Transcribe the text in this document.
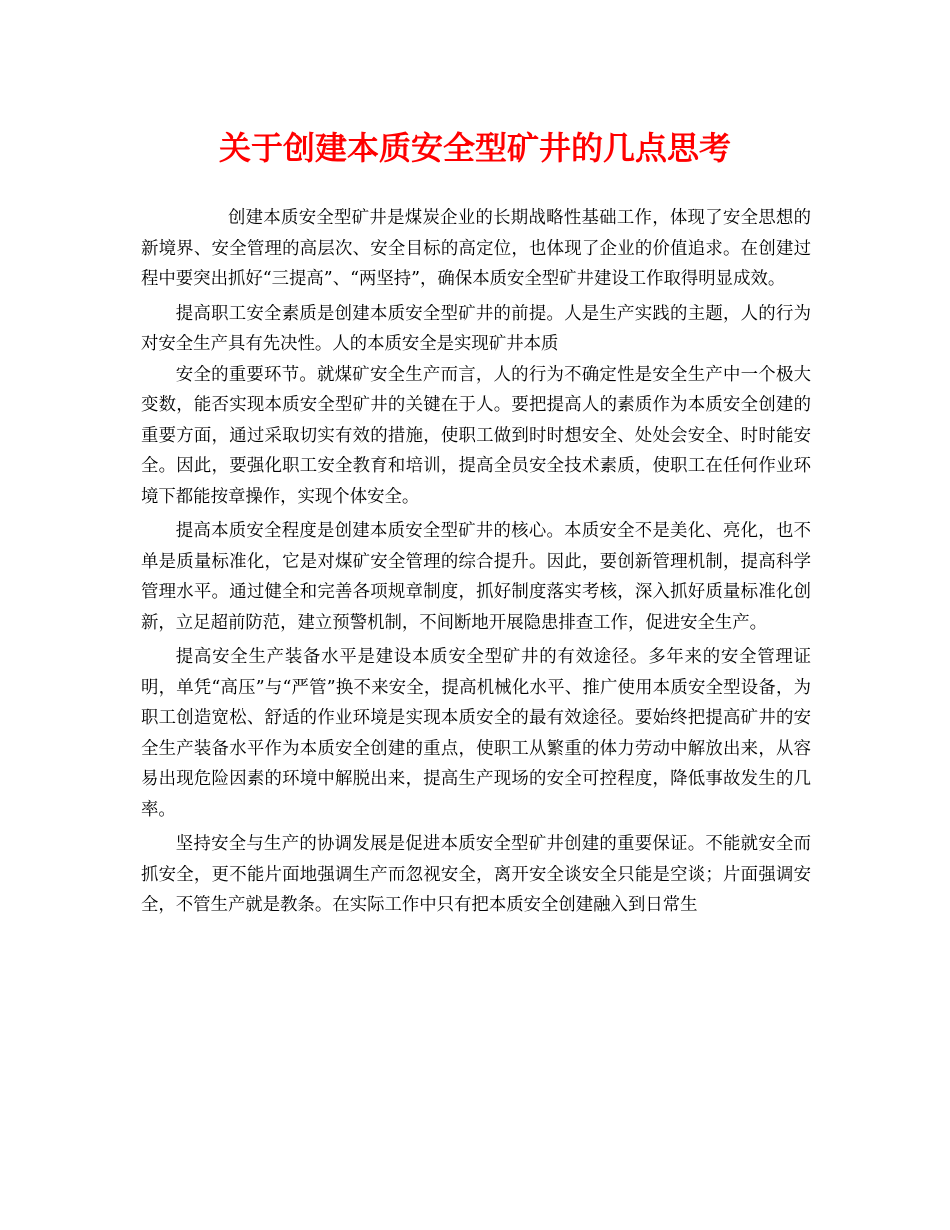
关于创建本质安全型矿井的几点思考

创建本质安全型矿井是煤炭企业的长期战略性基础工作，体现了安全思想的新境界、安全管理的高层次、安全目标的高定位，也体现了企业的价值追求。在创建过程中要突出抓好“三提高”、“两坚持”，确保本质安全型矿井建设工作取得明显成效。

提高职工安全素质是创建本质安全型矿井的前提。人是生产实践的主题，人的行为对安全生产具有先决性。人的本质安全是实现矿井本质

安全的重要环节。就煤矿安全生产而言，人的行为不确定性是安全生产中一个极大变数，能否实现本质安全型矿井的关键在于人。要把提高人的素质作为本质安全创建的重要方面，通过采取切实有效的措施，使职工做到时时想安全、处处会安全、时时能安全。因此，要强化职工安全教育和培训，提高全员安全技术素质，使职工在任何作业环境下都能按章操作，实现个体安全。

提高本质安全程度是创建本质安全型矿井的核心。本质安全不是美化、亮化，也不单是质量标准化，它是对煤矿安全管理的综合提升。因此，要创新管理机制，提高科学管理水平。通过健全和完善各项规章制度，抓好制度落实考核，深入抓好质量标准化创新，立足超前防范，建立预警机制，不间断地开展隐患排查工作，促进安全生产。

提高安全生产装备水平是建设本质安全型矿井的有效途径。多年来的安全管理证明，单凭“高压”与“严管”换不来安全，提高机械化水平、推广使用本质安全型设备，为职工创造宽松、舒适的作业环境是实现本质安全的最有效途径。要始终把提高矿井的安全生产装备水平作为本质安全创建的重点，使职工从繁重的体力劳动中解放出来，从容易出现危险因素的环境中解脱出来，提高生产现场的安全可控程度，降低事故发生的几率。

坚持安全与生产的协调发展是促进本质安全型矿井创建的重要保证。不能就安全而抓安全，更不能片面地强调生产而忽视安全，离开安全谈安全只能是空谈；片面强调安全，不管生产就是教条。在实际工作中只有把本质安全创建融入到日常生
